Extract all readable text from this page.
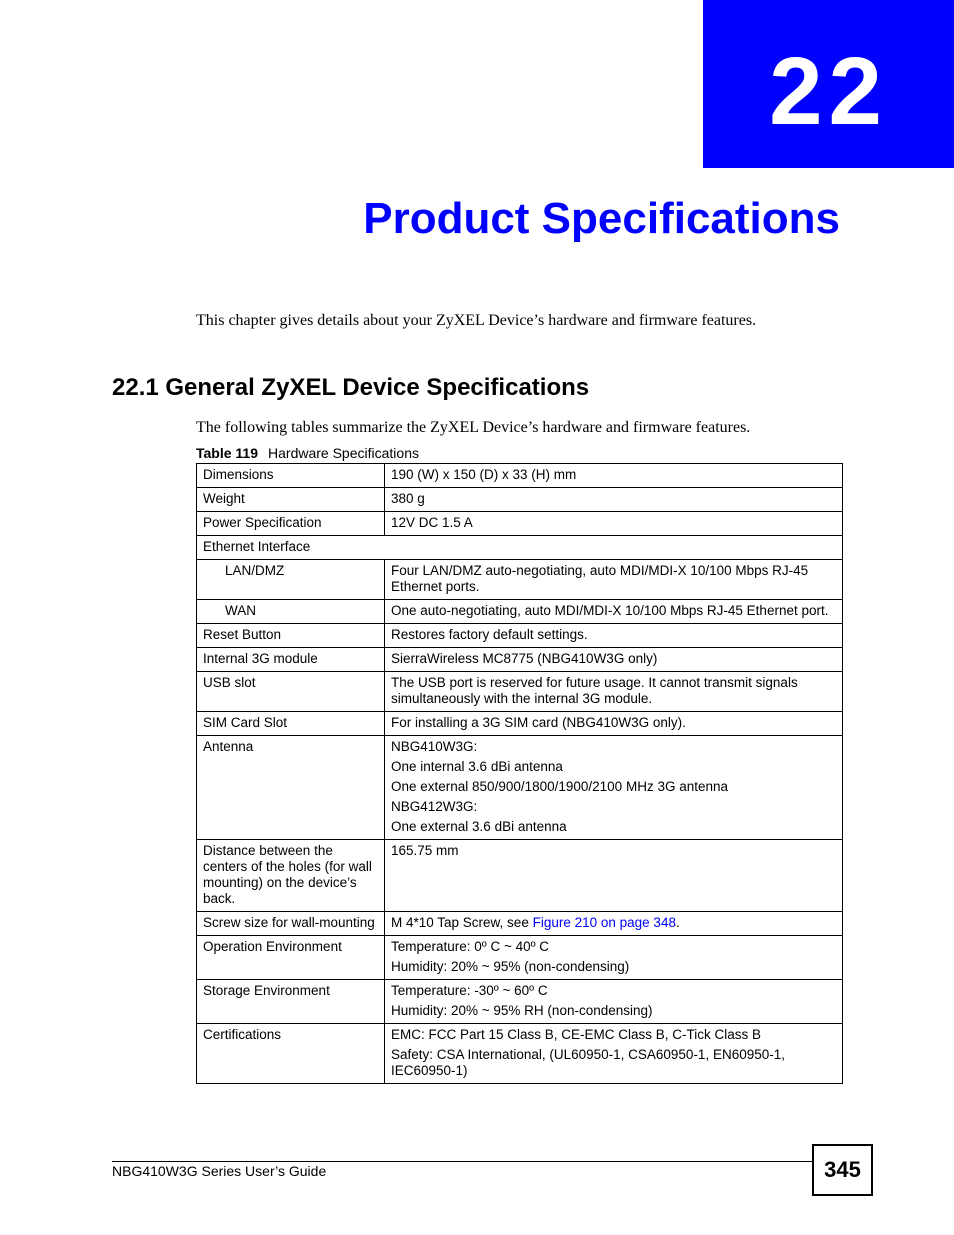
22
Product Specifications
This chapter gives details about your ZyXEL Device’s hardware and firmware features.
22.1 General ZyXEL Device Specifications
The following tables summarize the ZyXEL Device’s hardware and firmware features.
Table 119 Hardware Specifications
Dimensions	190 (W) x 150 (D) x 33 (H) mm
Weight	380 g
Power Specification	12V DC 1.5 A
Ethernet Interface	
LAN/DMZ	Four LAN/DMZ auto-negotiating, auto MDI/MDI-X 10/100 Mbps RJ-45 Ethernet ports.
WAN	One auto-negotiating, auto MDI/MDI-X 10/100 Mbps RJ-45 Ethernet port.
Reset Button	Restores factory default settings.
Internal 3G module	SierraWireless MC8775 (NBG410W3G only)
USB slot	The USB port is reserved for future usage. It cannot transmit signals simultaneously with the internal 3G module.
SIM Card Slot	For installing a 3G SIM card (NBG410W3G only).
Antenna	NBG410W3G:

One internal 3.6 dBi antenna

One external 850/900/1800/1900/2100 MHz 3G antenna

NBG412W3G:

One external 3.6 dBi antenna

Distance between the centers of the holes (for wall mounting) on the device’s back.	165.75 mm
Screw size for wall-mounting	M 4*10 Tap Screw, see Figure 210 on page 348.
Operation Environment	Temperature: 0º C ~ 40º C

Humidity: 20% ~ 95% (non-condensing)

Storage Environment	Temperature: -30º ~ 60º C

Humidity: 20% ~ 95% RH (non-condensing)

Certifications	EMC: FCC Part 15 Class B, CE-EMC Class B, C-Tick Class B

Safety: CSA International, (UL60950-1, CSA60950-1, EN60950-1, IEC60950-1)

NBG410W3G Series User’s Guide	345
